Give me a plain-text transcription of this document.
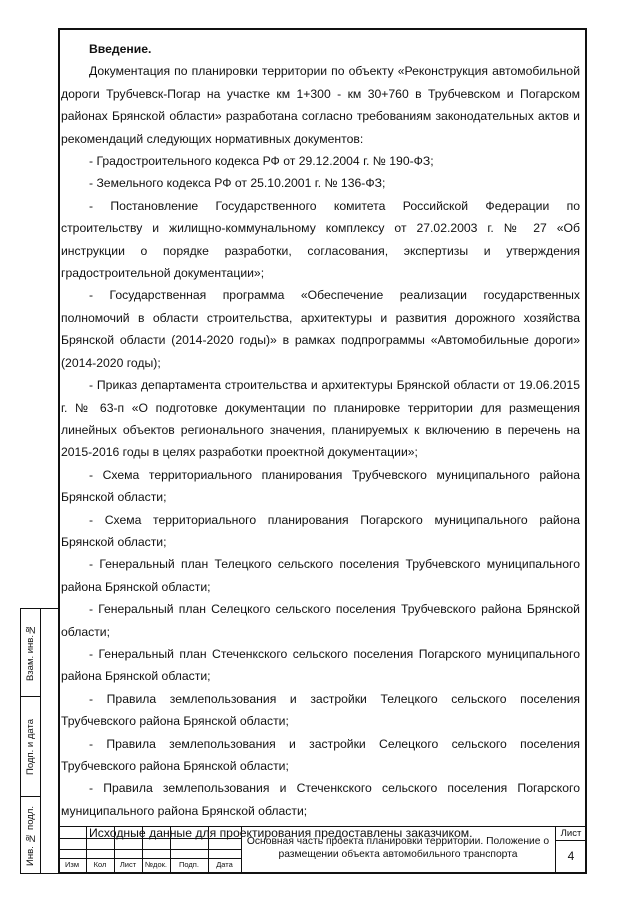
Введение.

Документация по планировки территории по объекту «Реконструкция автомобильной дороги Трубчевск-Погар на участке км 1+300 - км 30+760 в Трубчевском и Погарском районах Брянской области» разработана согласно требованиям законодательных актов и рекомендаций следующих нормативных документов:

- Градостроительного кодекса РФ от 29.12.2004 г. № 190-ФЗ;

- Земельного кодекса РФ от 25.10.2001 г. № 136-ФЗ;

- Постановление Государственного комитета Российской Федерации по строительству и жилищно-коммунальному комплексу от 27.02.2003 г. № 27 «Об инструкции о порядке разработки, согласования, экспертизы и утверждения градостроительной документации»;

- Государственная программа «Обеспечение реализации государственных полномочий в области строительства, архитектуры и развития дорожного хозяйства Брянской области (2014-2020 годы)» в рамках подпрограммы «Автомобильные дороги» (2014-2020 годы);

- Приказ департамента строительства и архитектуры Брянской области от 19.06.2015 г. № 63-п «О подготовке документации по планировке территории для размещения линейных объектов регионального значения, планируемых к включению в перечень на 2015-2016 годы в целях разработки проектной документации»;

- Схема территориального планирования Трубчевского муниципального района Брянской области;

- Схема территориального планирования Погарского муниципального района Брянской области;

- Генеральный план Телецкого сельского поселения Трубчевского муниципального района Брянской области;

- Генеральный план Селецкого сельского поселения Трубчевского района Брянской области;

- Генеральный план Стеченкского сельского поселения Погарского муниципального района Брянской области;

- Правила землепользования и застройки Телецкого сельского поселения Трубчевского района Брянской области;

- Правила землепользования и застройки Селецкого сельского поселения Трубчевского района Брянской области;

- Правила землепользования и Стеченкского сельского поселения Погарского муниципального района Брянской области;

Исходные данные для проектирования предоставлены заказчиком.

Взам. инв.№
Подп. и дата
Инв. № подл.	Изм	Кол	Лист	№док.	Подп.	Дата
Основная часть проекта планировки территории. Положение о размещении объекта автомобильного транспорта
Лист
4
